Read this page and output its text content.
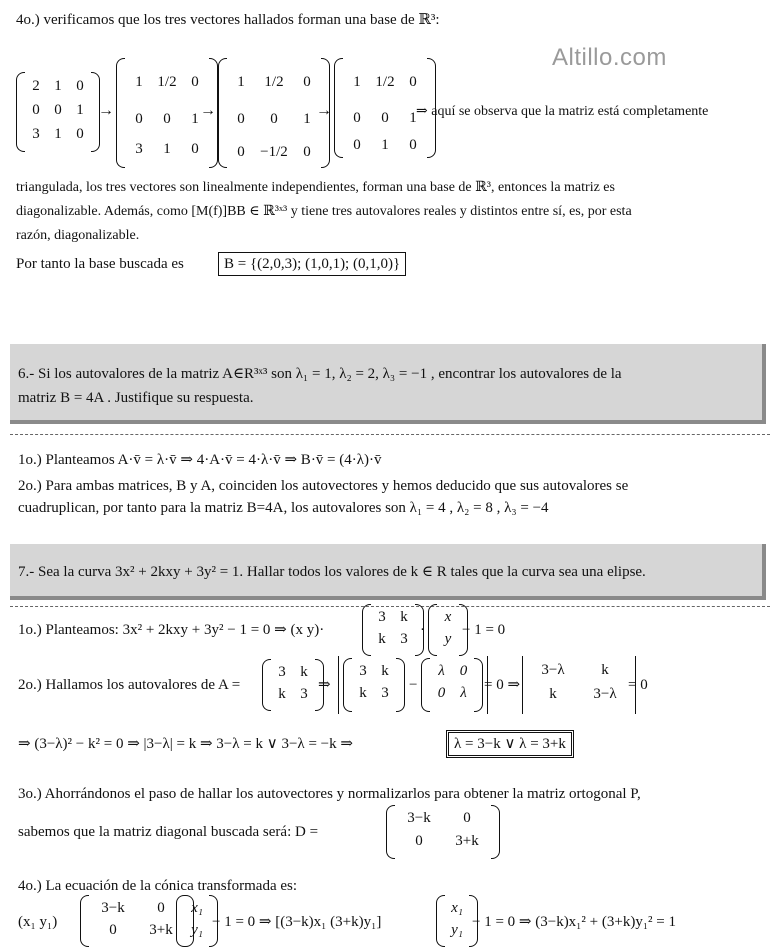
Altillo.com
4o.) verificamos que los tres vectores hallados forman una base de ℝ³:
2 1 0
0 0 1
3 1 0
→
1 1/2 0
0 0 1
3 1 0
→
1 1/2 0
0 0 1
0 −1/2 0
→
1 1/2 0
0 0 1
0 1 0
⇒ aquí se observa que la matriz está completamente
triangulada, los tres vectores son linealmente independientes, forman una base de ℝ³, entonces la matriz es
diagonalizable. Además, como [M(f)]BB ∈ ℝ³ˣ³ y tiene tres autovalores reales y distintos entre sí, es, por esta
razón, diagonalizable.
Por tanto la base buscada es	B = {(2,0,3); (1,0,1); (0,1,0)}
6.- Si los autovalores de la matriz A∈R³ˣ³ son λ₁ = 1, λ₂ = 2, λ₃ = −1 , encontrar los autovalores de la
matriz B = 4A . Justifique su respuesta.
1o.) Planteamos A·v̄ = λ·v̄ ⇒ 4·A·v̄ = 4·λ·v̄ ⇒ B·v̄ = (4·λ)·v̄
2o.) Para ambas matrices, B y A, coinciden los autovectores y hemos deducido que sus autovalores se
cuadruplican, por tanto para la matriz B=4A, los autovalores son λ₁ = 4 , λ₂ = 8 , λ₃ = −4
7.- Sea la curva 3x² + 2kxy + 3y² = 1. Hallar todos los valores de k ∈ R tales que la curva sea una elipse.
1o.) Planteamos: 3x² + 2kxy + 3y² − 1 = 0 ⇒ (x y)·
3 k
k 3
·
x
y
− 1 = 0
2o.) Hallamos los autovalores de A =
3 k
k 3
⇒
3 k
k 3 −
λ 0
0 λ = 0 ⇒
3−λ k
k 3−λ
= 0
⇒ (3−λ)² − k² = 0 ⇒ |3−λ| = k ⇒ 3−λ = k ∨ 3−λ = −k ⇒	λ = 3−k ∨ λ = 3+k
3o.) Ahorrándonos el paso de hallar los autovectores y normalizarlos para obtener la matriz ortogonal P,
sabemos que la matriz diagonal buscada será: D =
3−k 0
0 3+k
4o.) La ecuación de la cónica transformada es:
(x₁ y₁)
3−k 0
0 3+k
x₁
y₁ − 1 = 0 ⇒ [(3−k)x₁ (3+k)y₁]
x₁
y₁ − 1 = 0 ⇒ (3−k)x₁² + (3+k)y₁² = 1
